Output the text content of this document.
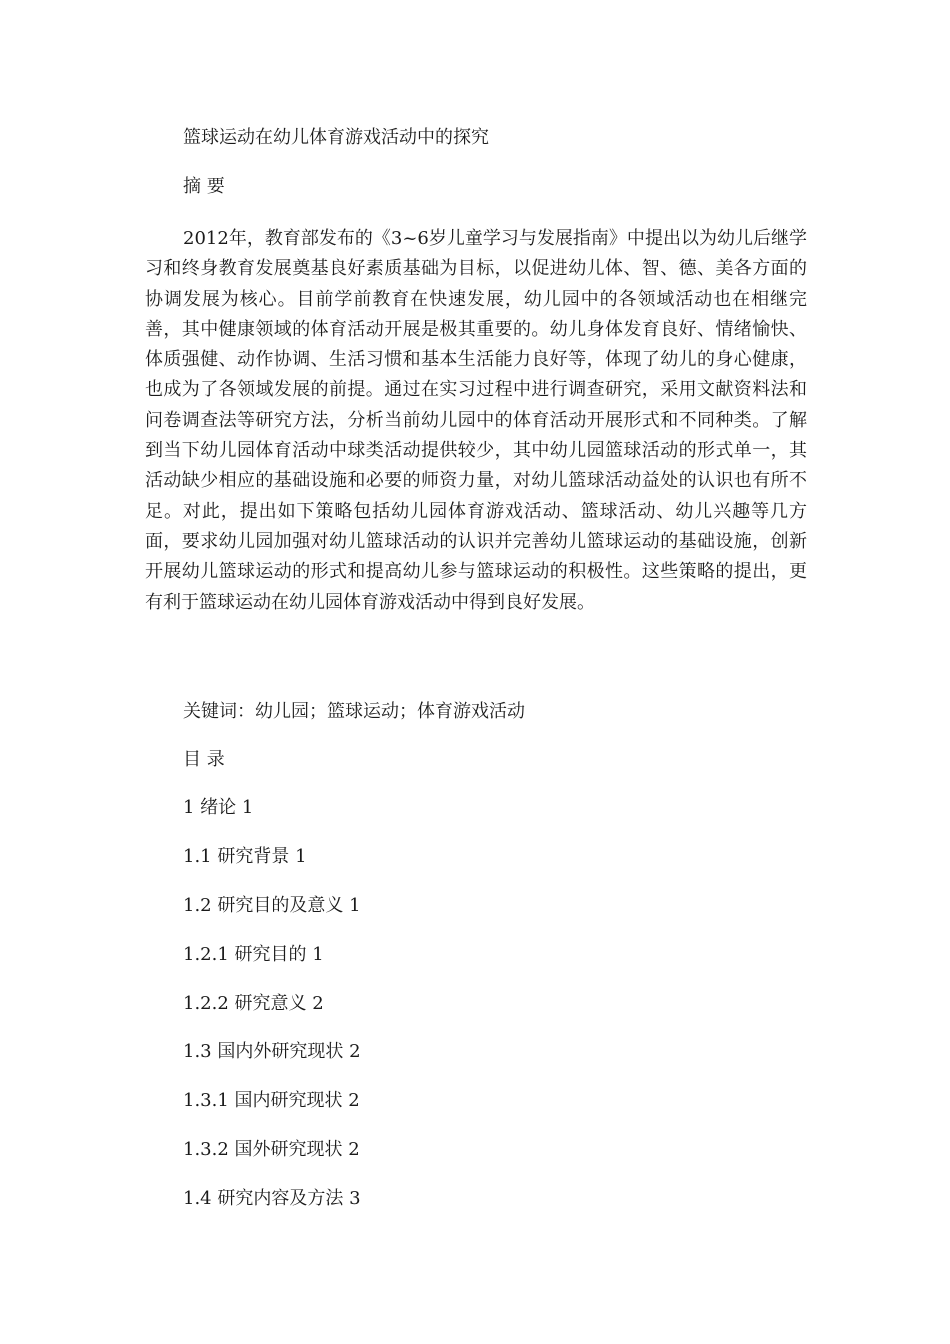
篮球运动在幼儿体育游戏活动中的探究
摘 要

2012年，教育部发布的《3~6岁儿童学习与发展指南》中提出以为幼儿后继学习和终身教育发展奠基良好素质基础为目标，以促进幼儿体、智、德、美各方面的协调发展为核心。目前学前教育在快速发展，幼儿园中的各领域活动也在相继完善，其中健康领域的体育活动开展是极其重要的。幼儿身体发育良好、情绪愉快、体质强健、动作协调、生活习惯和基本生活能力良好等，体现了幼儿的身心健康，也成为了各领域发展的前提。通过在实习过程中进行调查研究，采用文献资料法和问卷调查法等研究方法，分析当前幼儿园中的体育活动开展形式和不同种类。了解到当下幼儿园体育活动中球类活动提供较少，其中幼儿园篮球活动的形式单一，其活动缺少相应的基础设施和必要的师资力量，对幼儿篮球活动益处的认识也有所不足。对此，提出如下策略包括幼儿园体育游戏活动、篮球活动、幼儿兴趣等几方面，要求幼儿园加强对幼儿篮球活动的认识并完善幼儿篮球运动的基础设施，创新开展幼儿篮球运动的形式和提高幼儿参与篮球运动的积极性。这些策略的提出，更有利于篮球运动在幼儿园体育游戏活动中得到良好发展。

关键词：幼儿园；篮球运动；体育游戏活动
目 录
1 绪论 1
1.1 研究背景 1
1.2 研究目的及意义 1
1.2.1 研究目的 1
1.2.2 研究意义 2
1.3 国内外研究现状 2
1.3.1 国内研究现状 2
1.3.2 国外研究现状 2
1.4 研究内容及方法 3
